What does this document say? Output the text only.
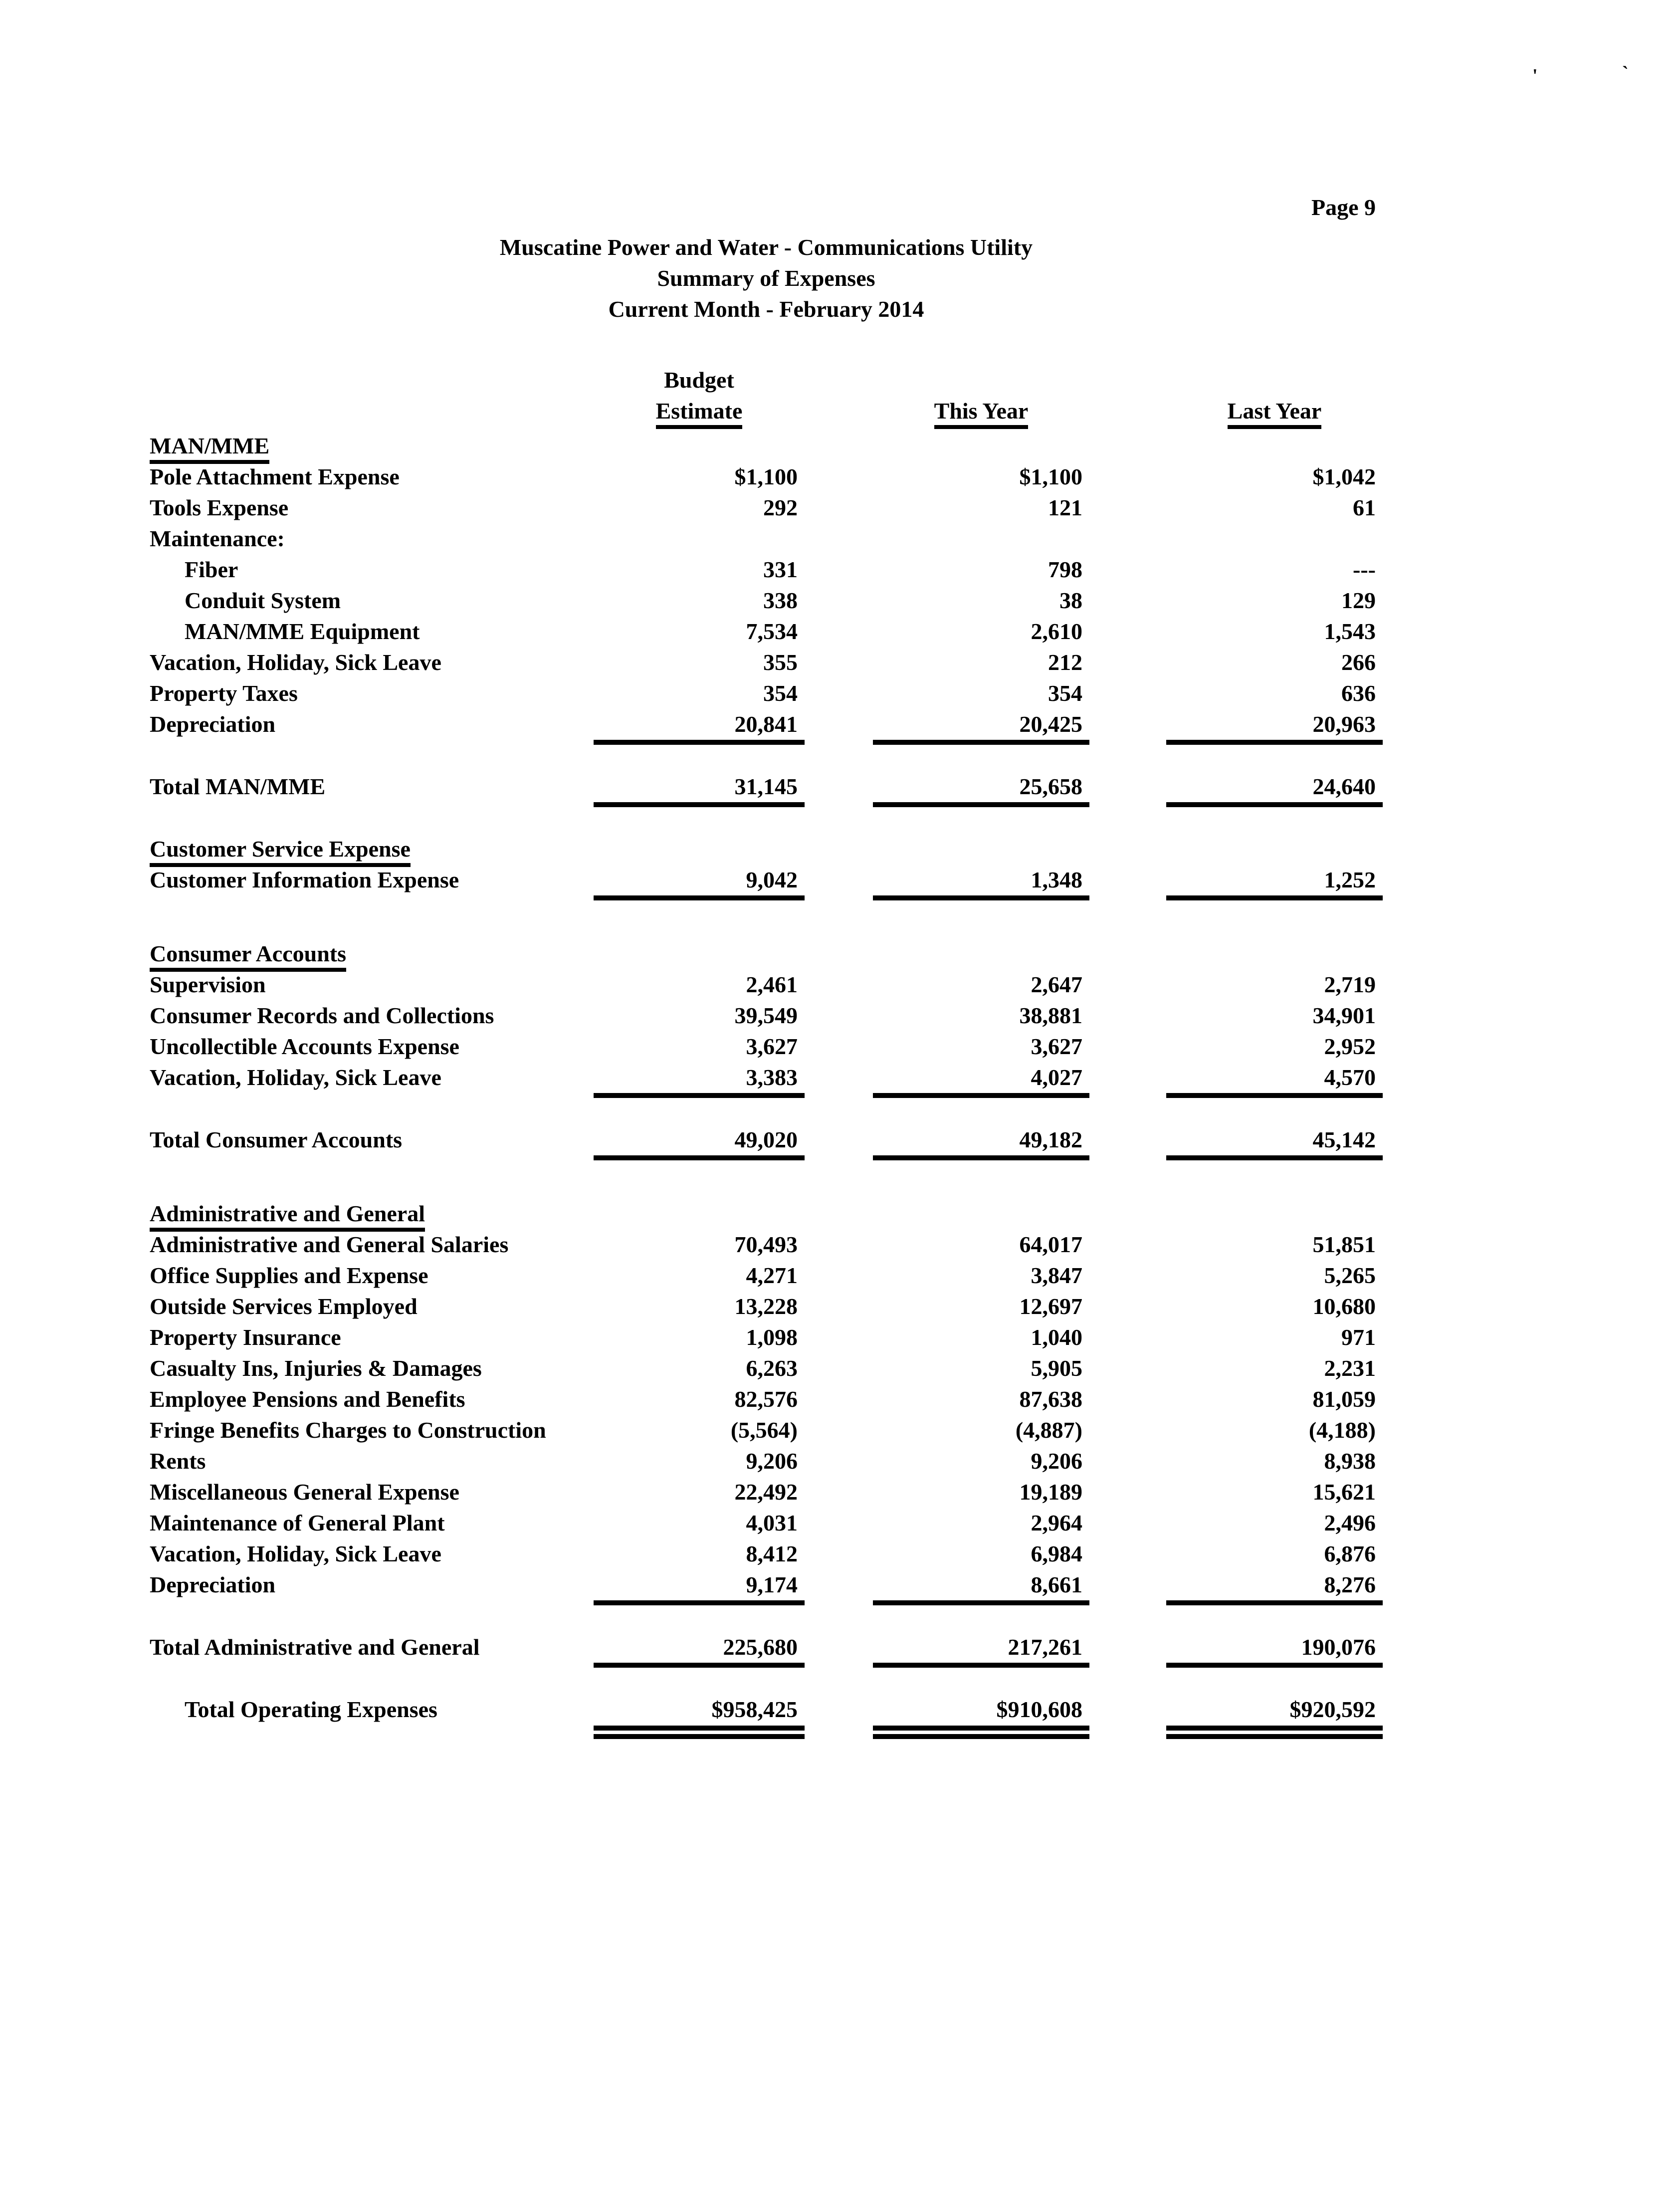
'	`
Page 9
Muscatine Power and Water - Communications Utility
Summary of Expenses
Current Month - February 2014
Budget
Estimate	This Year	Last Year
MAN/MME
Pole Attachment Expense	$1,100	$1,100	$1,042
Tools Expense	292	121	61
Maintenance:
Fiber	331	798	---
Conduit System	338	38	129
MAN/MME Equipment	7,534	2,610	1,543
Vacation, Holiday, Sick Leave	355	212	266
Property Taxes	354	354	636
Depreciation	20,841	20,425	20,963
Total MAN/MME	31,145	25,658	24,640
Customer Service Expense
Customer Information Expense	9,042	1,348	1,252
Consumer Accounts
Supervision	2,461	2,647	2,719
Consumer Records and Collections	39,549	38,881	34,901
Uncollectible Accounts Expense	3,627	3,627	2,952
Vacation, Holiday, Sick Leave	3,383	4,027	4,570
Total Consumer Accounts	49,020	49,182	45,142
Administrative and General
Administrative and General Salaries	70,493	64,017	51,851
Office Supplies and Expense	4,271	3,847	5,265
Outside Services Employed	13,228	12,697	10,680
Property Insurance	1,098	1,040	971
Casualty Ins, Injuries & Damages	6,263	5,905	2,231
Employee Pensions and Benefits	82,576	87,638	81,059
Fringe Benefits Charges to Construction	(5,564)	(4,887)	(4,188)
Rents	9,206	9,206	8,938
Miscellaneous General Expense	22,492	19,189	15,621
Maintenance of General Plant	4,031	2,964	2,496
Vacation, Holiday, Sick Leave	8,412	6,984	6,876
Depreciation	9,174	8,661	8,276
Total Administrative and General	225,680	217,261	190,076
Total Operating Expenses	$958,425	$910,608	$920,592
